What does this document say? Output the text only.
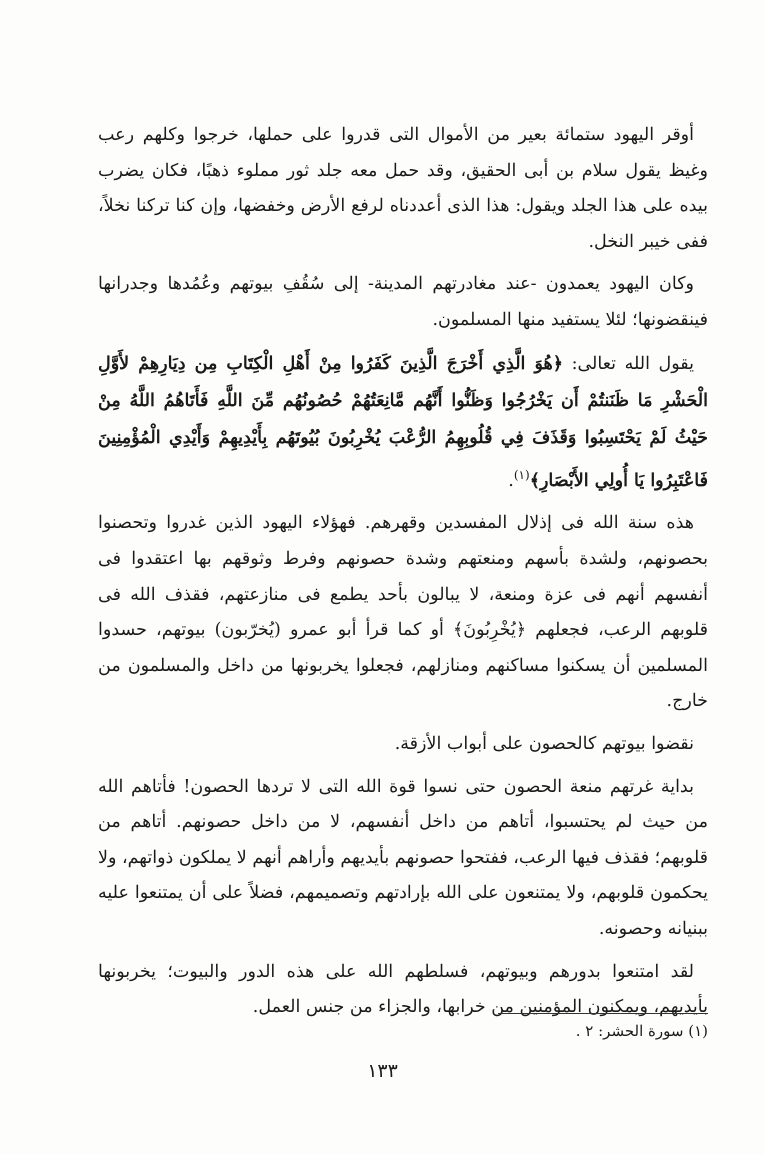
أوقر اليهود ستمائة بعير من الأموال التى قدروا على حملها، خرجوا وكلهم رعب وغيظ يقول سلام بن أبى الحقيق، وقد حمل معه جلد ثور مملوء ذهبًا، فكان يضرب بيده على هذا الجلد ويقول: هذا الذى أعددناه لرفع الأرض وخفضها، وإن كنا تركنا نخلاً، ففى خيبر النخل.

وكان اليهود يعمدون -عند مغادرتهم المدينة- إلى سُقُفِ بيوتهم وعُمُدها وجدرانها فينقضونها؛ لئلا يستفيد منها المسلمون.

يقول الله تعالى: ﴿هُوَ الَّذِي أَخْرَجَ الَّذِينَ كَفَرُوا مِنْ أَهْلِ الْكِتَابِ مِن دِيَارِهِمْ لأَوَّلِ الْحَشْرِ مَا ظَنَنتُمْ أَن يَخْرُجُوا وَظَنُّوا أَنَّهُم مَّانِعَتُهُمْ حُصُونُهُم مِّنَ اللَّهِ فَأَتَاهُمُ اللَّهُ مِنْ حَيْثُ لَمْ يَحْتَسِبُوا وَقَذَفَ فِي قُلُوبِهِمُ الرُّعْبَ يُخْرِبُونَ بُيُوتَهُم بِأَيْدِيهِمْ وَأَيْدِي الْمُؤْمِنِينَ فَاعْتَبِرُوا يَا أُولِي الأَبْصَارِ﴾$^{(١)}$.

هذه سنة الله فى إذلال المفسدين وقهرهم. فهؤلاء اليهود الذين غدروا وتحصنوا بحصونهم، ولشدة بأسهم ومنعتهم وشدة حصونهم وفرط وثوقهم بها اعتقدوا فى أنفسهم أنهم فى عزة ومنعة، لا يبالون بأحد يطمع فى منازعتهم، فقذف الله فى قلوبهم الرعب، فجعلهم ﴿يُخْرِبُونَ﴾ أو كما قرأ أبو عمرو (يُخرّبون) بيوتهم، حسدوا المسلمين أن يسكنوا مساكنهم ومنازلهم، فجعلوا يخربونها من داخل والمسلمون من خارج.

نقضوا بيوتهم كالحصون على أبواب الأزقة.

بداية غرتهم منعة الحصون حتى نسوا قوة الله التى لا تردها الحصون! فأتاهم الله من حيث لم يحتسبوا، أتاهم من داخل أنفسهم، لا من داخل حصونهم. أتاهم من قلوبهم؛ فقذف فيها الرعب، ففتحوا حصونهم بأيديهم وأراهم أنهم لا يملكون ذواتهم، ولا يحكمون قلوبهم، ولا يمتنعون على الله بإرادتهم وتصميمهم، فضلاً على أن يمتنعوا عليه ببنيانه وحصونه.

لقد امتنعوا بدورهم وبيوتهم، فسلطهم الله على هذه الدور والبيوت؛ يخربونها بأيديهم، ويمكنون المؤمنين من خرابها، والجزاء من جنس العمل.

(١) سورة الحشر: ٢ .
١٣٣
